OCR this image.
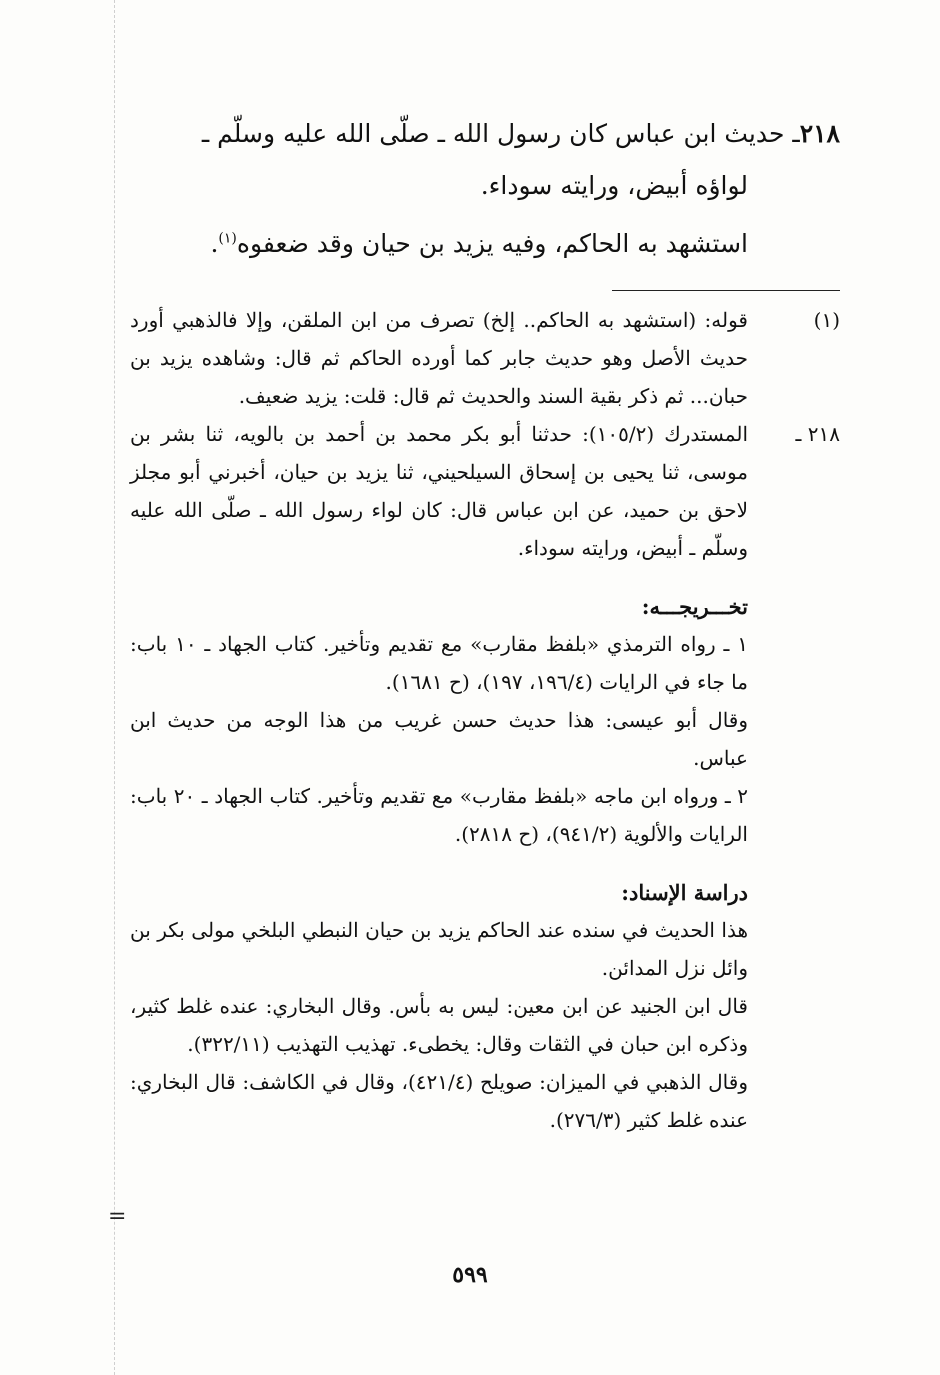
=
٢١٨ـ حديث ابن عباس كان رسول الله ـ صلّى الله عليه وسلّم ـ
لواؤه أبيض، ورايته سوداء.
استشهد به الحاكم، وفيه يزيد بن حيان وقد ضعفوه$^{(١)}$.
(١)
قوله: (استشهد به الحاكم.. إلخ) تصرف من ابن الملقن، وإلا فالذهبي أورد حديث الأصل وهو حديث جابر كما أورده الحاكم ثم قال: وشاهده يزيد بن حبان... ثم ذكر بقية السند والحديث ثم قال: قلت: يزيد ضعيف.
٢١٨ ـ
المستدرك (١٠٥/٢): حدثنا أبو بكر محمد بن أحمد بن بالويه، ثنا بشر بن موسى، ثنا يحيى بن إسحاق السيلحيني، ثنا يزيد بن حيان، أخبرني أبو مجلز لاحق بن حميد، عن ابن عباس قال: كان لواء رسول الله ـ صلّى الله عليه وسلّم ـ أبيض، ورايته سوداء.
تخـــريجـــه:
١ ـ رواه الترمذي «بلفظ مقارب» مع تقديم وتأخير. كتاب الجهاد ـ ١٠ باب: ما جاء في الرايات (١٩٦/٤، ١٩٧)، (ح ١٦٨١).
وقال أبو عيسى: هذا حديث حسن غريب من هذا الوجه من حديث ابن عباس.
٢ ـ ورواه ابن ماجه «بلفظ مقارب» مع تقديم وتأخير. كتاب الجهاد ـ ٢٠ باب: الرايات والألوية (٩٤١/٢)، (ح ٢٨١٨).
دراسة الإسناد:
هذا الحديث في سنده عند الحاكم يزيد بن حيان النبطي البلخي مولى بكر بن وائل نزل المدائن.
قال ابن الجنيد عن ابن معين: ليس به بأس. وقال البخاري: عنده غلط كثير، وذكره ابن حبان في الثقات وقال: يخطىء. تهذيب التهذيب (٣٢٢/١١).
وقال الذهبي في الميزان: صويلح (٤٢١/٤)، وقال في الكاشف: قال البخاري: عنده غلط كثير (٢٧٦/٣).
٥٩٩
